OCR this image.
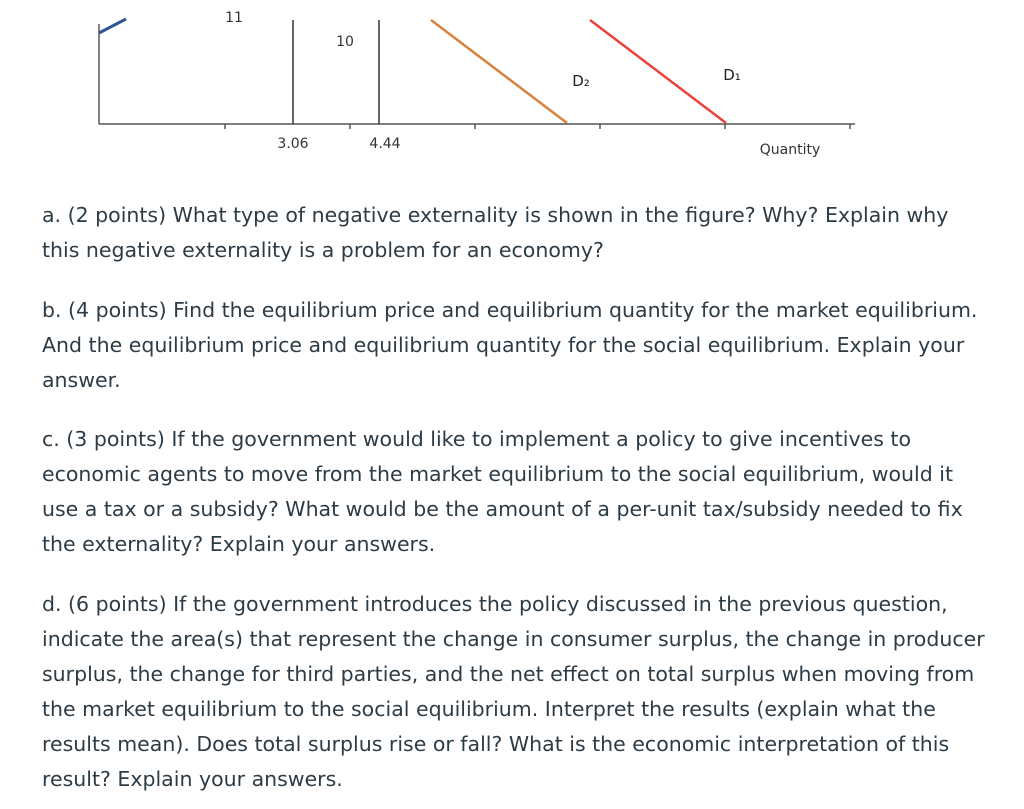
11
10
D₂	D₁
3.06	4.44	Quantity

a. (2 points) What type of negative externality is shown in the figure? Why? Explain why this negative externality is a problem for an economy?

b. (4 points) Find the equilibrium price and equilibrium quantity for the market equilibrium. And the equilibrium price and equilibrium quantity for the social equilibrium. Explain your answer.

c. (3 points) If the government would like to implement a policy to give incentives to economic agents to move from the market equilibrium to the social equilibrium, would it use a tax or a subsidy? What would be the amount of a per-unit tax/subsidy needed to fix the externality? Explain your answers.

d. (6 points) If the government introduces the policy discussed in the previous question, indicate the area(s) that represent the change in consumer surplus, the change in producer surplus, the change for third parties, and the net effect on total surplus when moving from the market equilibrium to the social equilibrium. Interpret the results (explain what the results mean). Does total surplus rise or fall? What is the economic interpretation of this result? Explain your answers.
